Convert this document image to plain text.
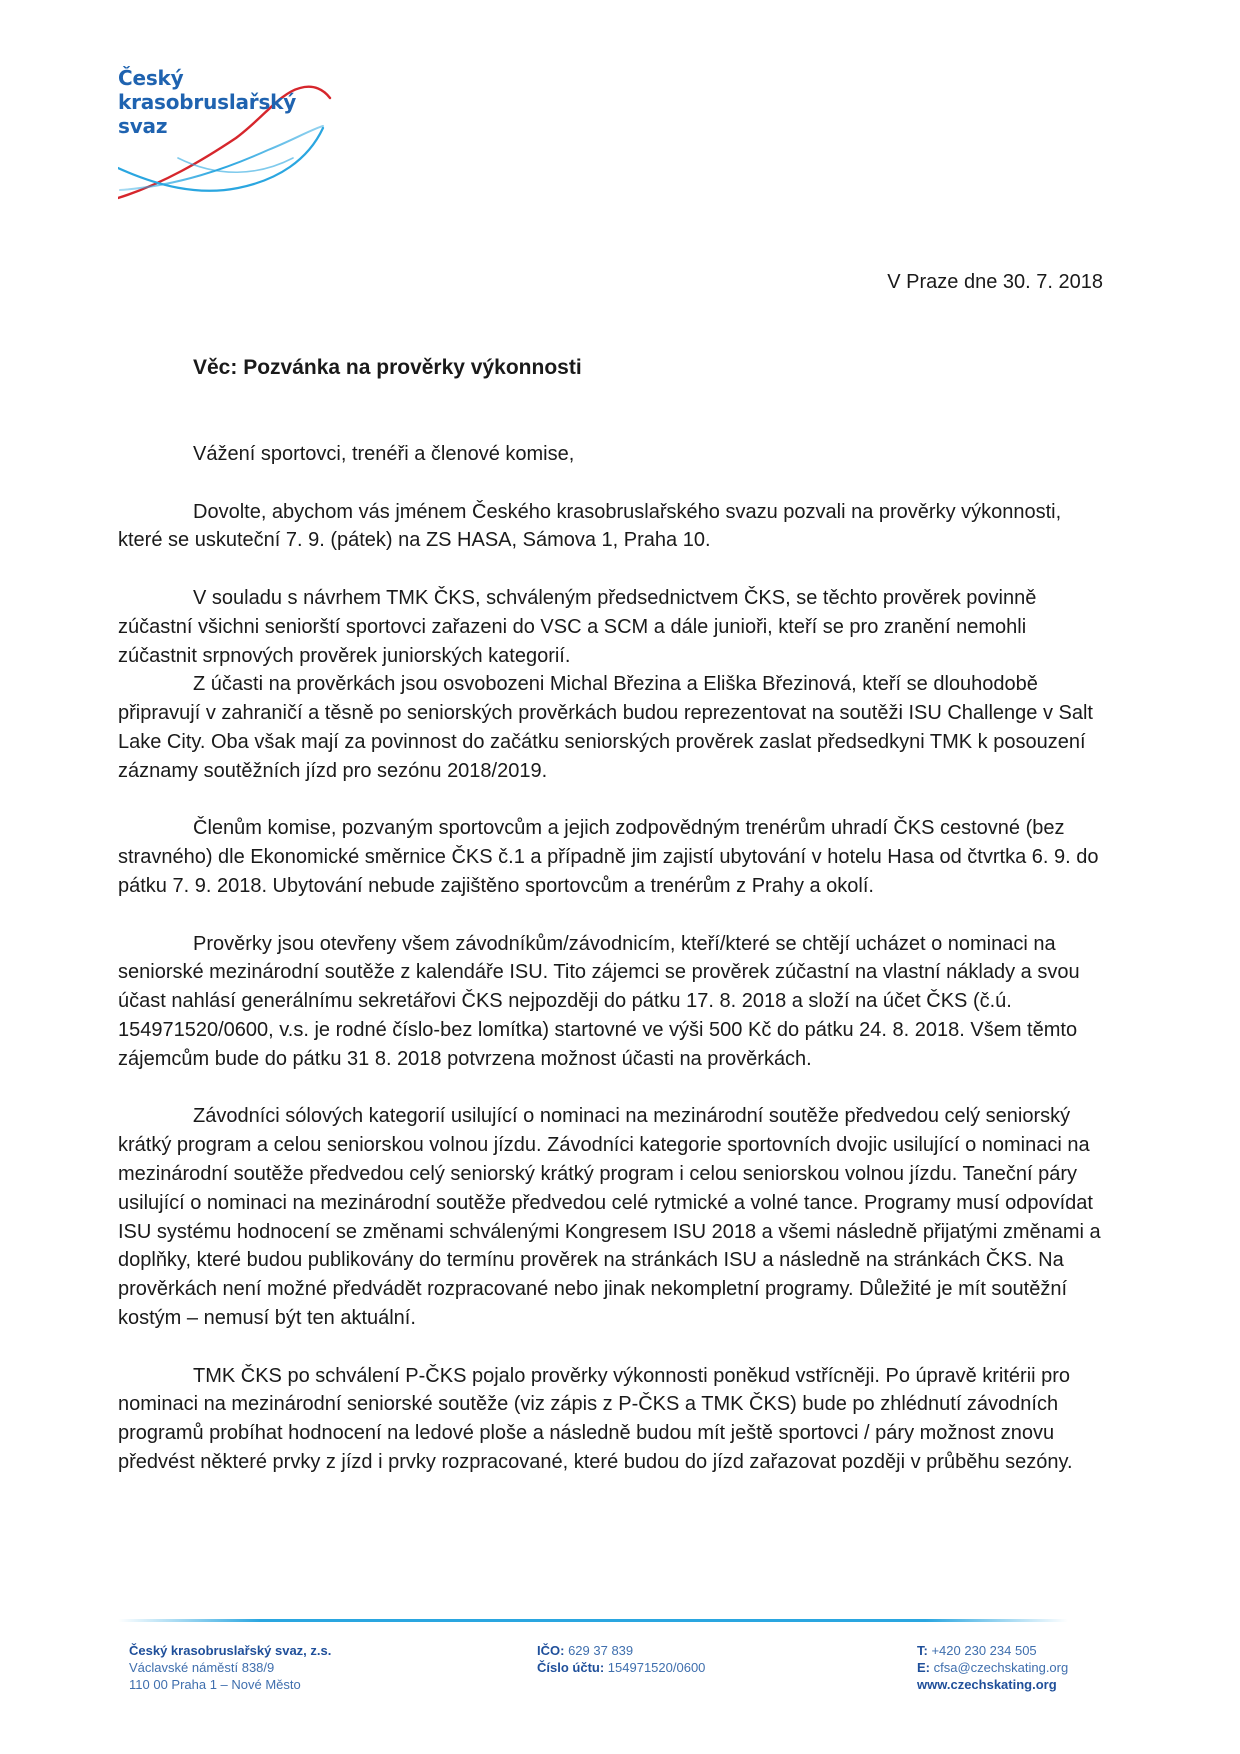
Český
krasobruslařský
svaz
V Praze dne 30. 7. 2018
Věc: Pozvánka na prověrky výkonnosti

Vážení sportovci, trenéři a členové komise,

Dovolte, abychom vás jménem Českého krasobruslařského svazu pozvali na prověrky výkonnosti, které se uskuteční 7. 9. (pátek) na ZS HASA, Sámova 1, Praha 10.

V souladu s návrhem TMK ČKS, schváleným předsednictvem ČKS, se těchto prověrek povinně zúčastní všichni seniorští sportovci zařazeni do VSC a SCM a dále junioři, kteří se pro zranění nemohli zúčastnit srpnových prověrek juniorských kategorií.

Z účasti na prověrkách jsou osvobozeni Michal Březina a Eliška Březinová, kteří se dlouhodobě připravují v zahraničí a těsně po seniorských prověrkách budou reprezentovat na soutěži ISU Challenge v Salt Lake City. Oba však mají za povinnost do začátku seniorských prověrek zaslat předsedkyni TMK k posouzení záznamy soutěžních jízd pro sezónu 2018/2019.

Členům komise, pozvaným sportovcům a jejich zodpovědným trenérům uhradí ČKS cestovné (bez stravného) dle Ekonomické směrnice ČKS č.1 a případně jim zajistí ubytování v hotelu Hasa od čtvrtka 6. 9. do pátku 7. 9. 2018. Ubytování nebude zajištěno sportovcům a trenérům z Prahy a okolí.

Prověrky jsou otevřeny všem závodníkům/závodnicím, kteří/které se chtějí ucházet o nominaci na seniorské mezinárodní soutěže z kalendáře ISU. Tito zájemci se prověrek zúčastní na vlastní náklady a svou účast nahlásí generálnímu sekretářovi ČKS nejpozději do pátku 17. 8. 2018 a složí na účet ČKS (č.ú. 154971520/0600, v.s. je rodné číslo-bez lomítka) startovné ve výši 500 Kč do pátku 24. 8. 2018. Všem těmto zájemcům bude do pátku 31 8. 2018 potvrzena možnost účasti na prověrkách.

Závodníci sólových kategorií usilující o nominaci na mezinárodní soutěže předvedou celý seniorský krátký program a celou seniorskou volnou jízdu. Závodníci kategorie sportovních dvojic usilující o nominaci na mezinárodní soutěže předvedou celý seniorský krátký program i celou seniorskou volnou jízdu. Taneční páry usilující o nominaci na mezinárodní soutěže předvedou celé rytmické a volné tance. Programy musí odpovídat ISU systému hodnocení se změnami schválenými Kongresem ISU 2018 a všemi následně přijatými změnami a doplňky, které budou publikovány do termínu prověrek na stránkách ISU a následně na stránkách ČKS. Na prověrkách není možné předvádět rozpracované nebo jinak nekompletní programy. Důležité je mít soutěžní kostým – nemusí být ten aktuální.

TMK ČKS po schválení P-ČKS pojalo prověrky výkonnosti poněkud vstřícněji. Po úpravě kritérii pro nominaci na mezinárodní seniorské soutěže (viz zápis z P-ČKS a TMK ČKS) bude po zhlédnutí závodních programů probíhat hodnocení na ledové ploše a následně budou mít ještě sportovci / páry možnost znovu předvést některé prvky z jízd i prvky rozpracované, které budou do jízd zařazovat později v průběhu sezóny.

Český krasobruslařský svaz, z.s.
Václavské náměstí 838/9
110 00 Praha 1 – Nové Město
IČO: 629 37 839
Číslo účtu: 154971520/0600
T: +420 230 234 505
E: cfsa@czechskating.org
www.czechskating.org
